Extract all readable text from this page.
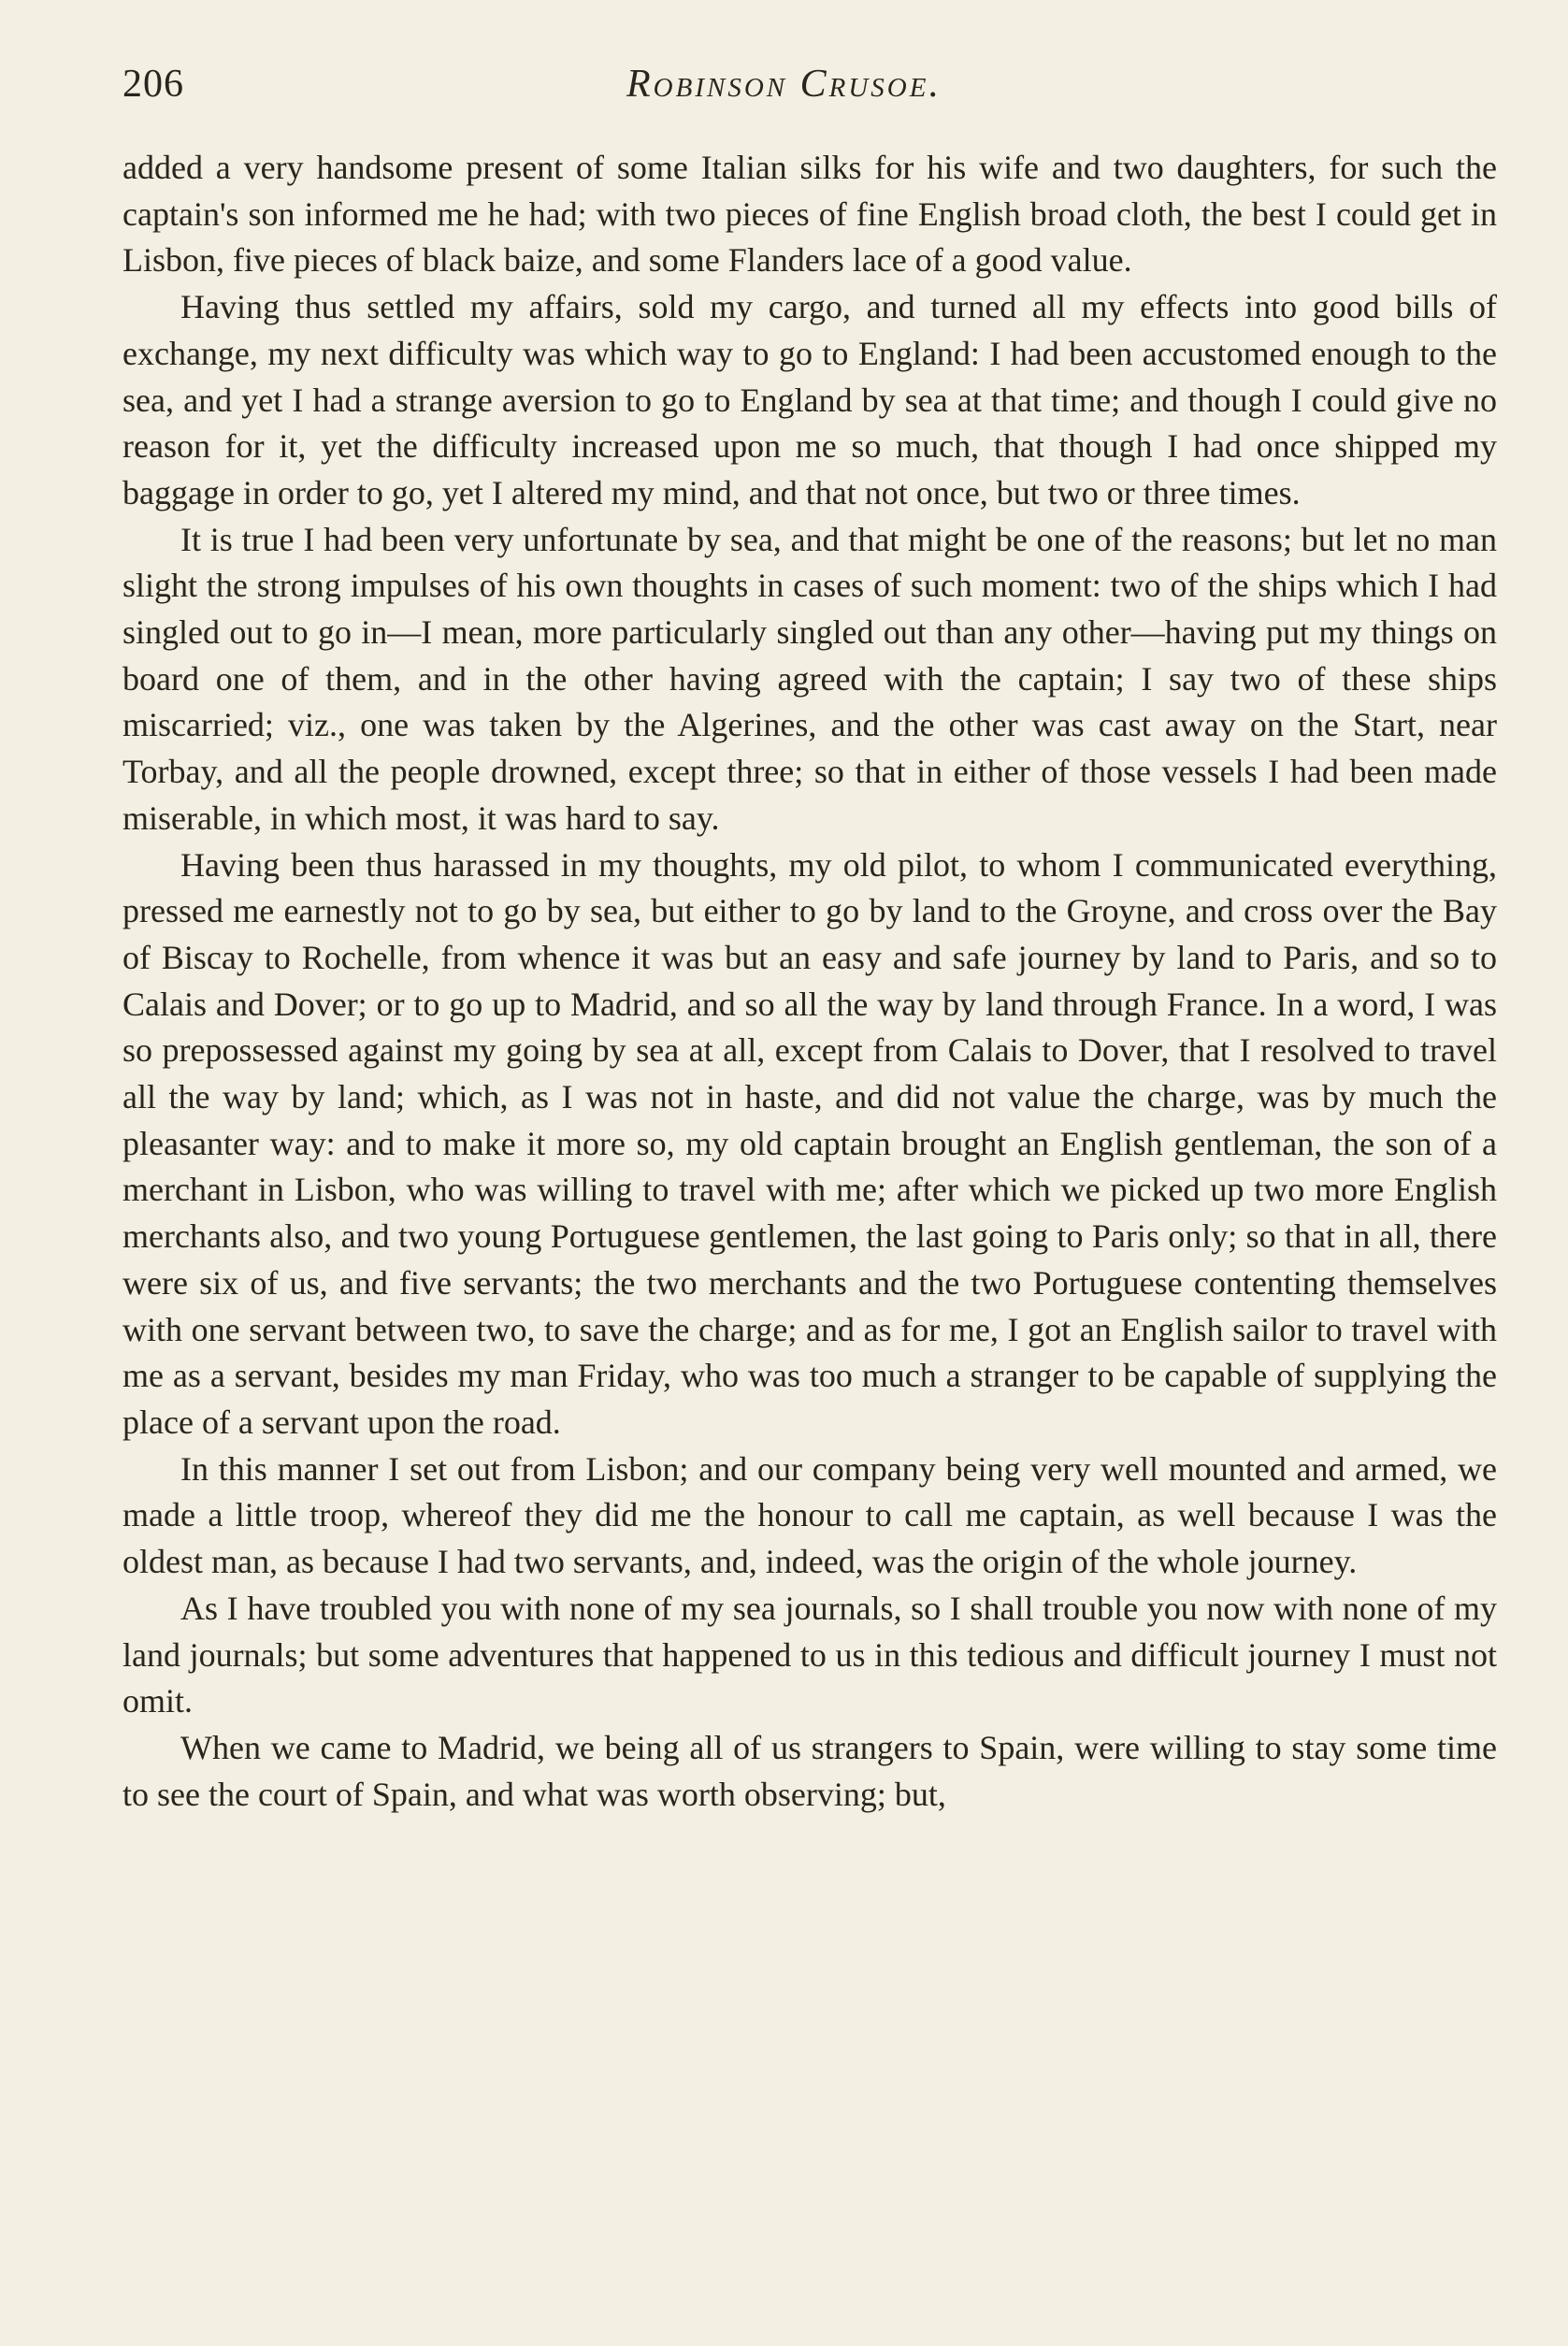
206	Robinson Crusoe.

added a very handsome present of some Italian silks for his wife and two daughters, for such the captain's son informed me he had; with two pieces of fine English broad cloth, the best I could get in Lisbon, five pieces of black baize, and some Flanders lace of a good value.

Having thus settled my affairs, sold my cargo, and turned all my effects into good bills of exchange, my next difficulty was which way to go to England: I had been accustomed enough to the sea, and yet I had a strange aversion to go to England by sea at that time; and though I could give no reason for it, yet the difficulty increased upon me so much, that though I had once shipped my baggage in order to go, yet I altered my mind, and that not once, but two or three times.

It is true I had been very unfortunate by sea, and that might be one of the reasons; but let no man slight the strong impulses of his own thoughts in cases of such moment: two of the ships which I had singled out to go in—I mean, more particularly singled out than any other—having put my things on board one of them, and in the other having agreed with the captain; I say two of these ships miscarried; viz., one was taken by the Algerines, and the other was cast away on the Start, near Torbay, and all the people drowned, except three; so that in either of those vessels I had been made miserable, in which most, it was hard to say.

Having been thus harassed in my thoughts, my old pilot, to whom I communicated everything, pressed me earnestly not to go by sea, but either to go by land to the Groyne, and cross over the Bay of Biscay to Rochelle, from whence it was but an easy and safe journey by land to Paris, and so to Calais and Dover; or to go up to Madrid, and so all the way by land through France. In a word, I was so prepossessed against my going by sea at all, except from Calais to Dover, that I resolved to travel all the way by land; which, as I was not in haste, and did not value the charge, was by much the pleasanter way: and to make it more so, my old captain brought an English gentleman, the son of a merchant in Lisbon, who was willing to travel with me; after which we picked up two more English merchants also, and two young Portuguese gentlemen, the last going to Paris only; so that in all, there were six of us, and five servants; the two merchants and the two Portuguese contenting themselves with one servant between two, to save the charge; and as for me, I got an English sailor to travel with me as a servant, besides my man Friday, who was too much a stranger to be capable of supplying the place of a servant upon the road.

In this manner I set out from Lisbon; and our company being very well mounted and armed, we made a little troop, whereof they did me the honour to call me captain, as well because I was the oldest man, as because I had two servants, and, indeed, was the origin of the whole journey.

As I have troubled you with none of my sea journals, so I shall trouble you now with none of my land journals; but some adventures that happened to us in this tedious and difficult journey I must not omit.

When we came to Madrid, we being all of us strangers to Spain, were willing to stay some time to see the court of Spain, and what was worth observing; but,
